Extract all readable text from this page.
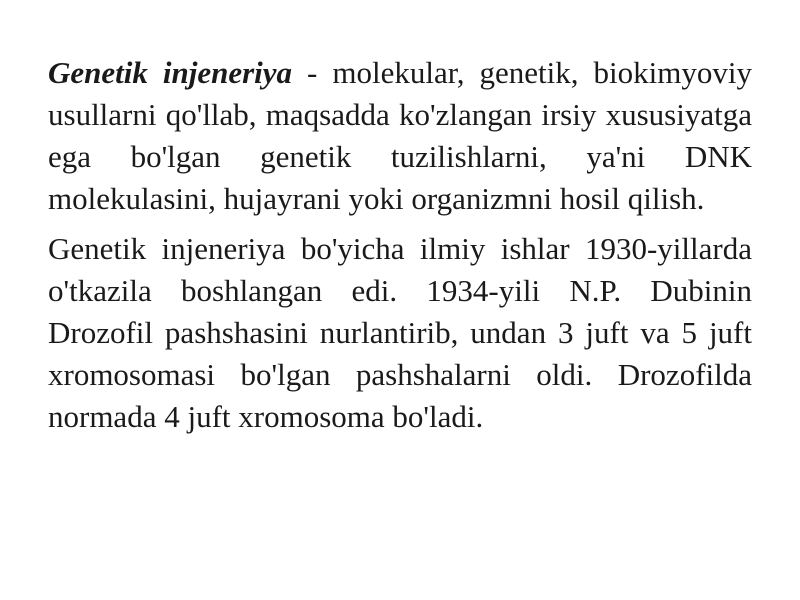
Genetik injeneriya - molekular, genetik, biokimyoviy usullarni qo'llab, maqsadda ko'zlangan irsiy xususiyatga ega bo'lgan genetik tuzilishlarni, ya'ni DNK molekulasini, hujayrani yoki organizmni hosil qilish.

Genetik injeneriya bo'yicha ilmiy ishlar 1930-yillarda o'tkazila boshlangan edi. 1934-yili N.P. Dubinin Drozofil pashshasini nurlantirib, undan 3 juft va 5 juft xromosomasi bo'lgan pashshalarni oldi. Drozofilda normada 4 juft xromosoma bo'ladi.
